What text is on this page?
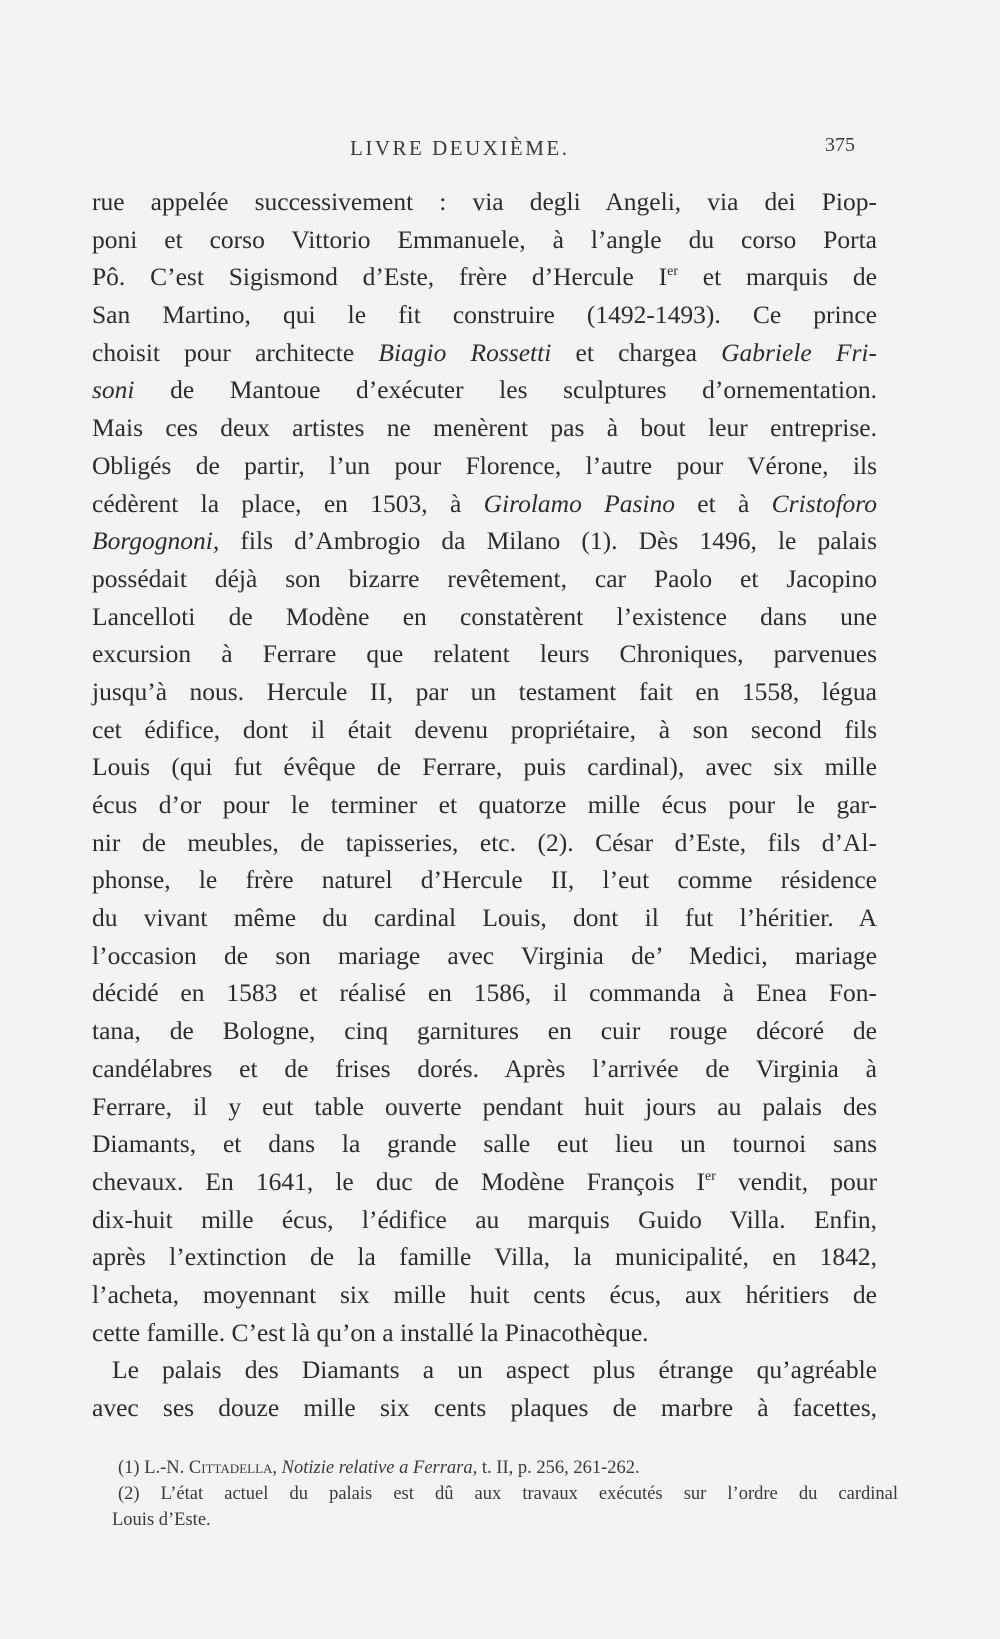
LIVRE DEUXIÈME.	375
rue appelée successivement : via degli Angeli, via dei Piop-
poni et corso Vittorio Emmanuele, à l’angle du corso Porta
Pô. C’est Sigismond d’Este, frère d’Hercule Ier et marquis de
San Martino, qui le fit construire (1492-1493). Ce prince
choisit pour architecte Biagio Rossetti et chargea Gabriele Fri-
soni de Mantoue d’exécuter les sculptures d’ornementation.
Mais ces deux artistes ne menèrent pas à bout leur entreprise.
Obligés de partir, l’un pour Florence, l’autre pour Vérone, ils
cédèrent la place, en 1503, à Girolamo Pasino et à Cristoforo
Borgognoni, fils d’Ambrogio da Milano (1). Dès 1496, le palais
possédait déjà son bizarre revêtement, car Paolo et Jacopino
Lancelloti de Modène en constatèrent l’existence dans une
excursion à Ferrare que relatent leurs Chroniques, parvenues
jusqu’à nous. Hercule II, par un testament fait en 1558, légua
cet édifice, dont il était devenu propriétaire, à son second fils
Louis (qui fut évêque de Ferrare, puis cardinal), avec six mille
écus d’or pour le terminer et quatorze mille écus pour le gar-
nir de meubles, de tapisseries, etc. (2). César d’Este, fils d’Al-
phonse, le frère naturel d’Hercule II, l’eut comme résidence
du vivant même du cardinal Louis, dont il fut l’héritier. A
l’occasion de son mariage avec Virginia de’ Medici, mariage
décidé en 1583 et réalisé en 1586, il commanda à Enea Fon-
tana, de Bologne, cinq garnitures en cuir rouge décoré de
candélabres et de frises dorés. Après l’arrivée de Virginia à
Ferrare, il y eut table ouverte pendant huit jours au palais des
Diamants, et dans la grande salle eut lieu un tournoi sans
chevaux. En 1641, le duc de Modène François Ier vendit, pour
dix-huit mille écus, l’édifice au marquis Guido Villa. Enfin,
après l’extinction de la famille Villa, la municipalité, en 1842,
l’acheta, moyennant six mille huit cents écus, aux héritiers de
cette famille. C’est là qu’on a installé la Pinacothèque.
Le palais des Diamants a un aspect plus étrange qu’agréable
avec ses douze mille six cents plaques de marbre à facettes,
(1) L.-N. Cittadella, Notizie relative a Ferrara, t. II, p. 256, 261-262.
(2) L’état actuel du palais est dû aux travaux exécutés sur l’ordre du cardinal
Louis d’Este.
